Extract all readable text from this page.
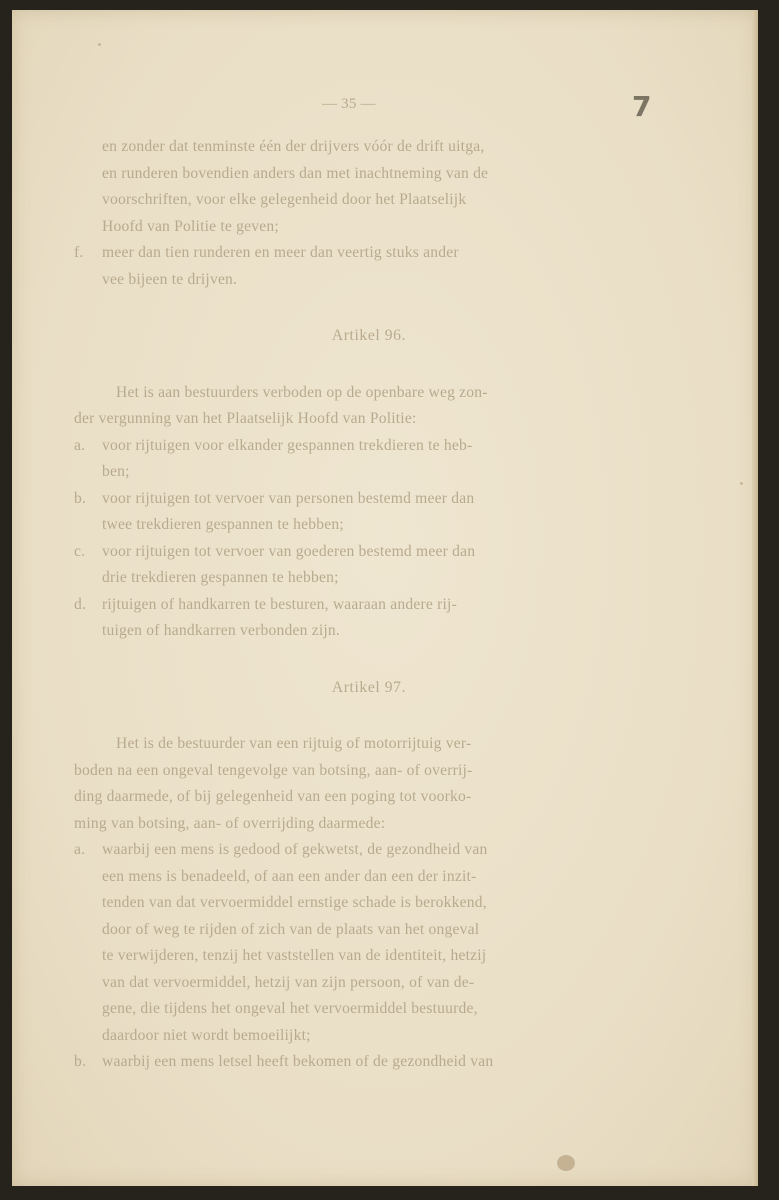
— 35 —	7
en zonder dat tenminste één der drijvers vóór de drift uitga,
en runderen bovendien anders dan met inachtneming van de
voorschriften, voor elke gelegenheid door het Plaatselijk
Hoofd van Politie te geven;
f.	meer dan tien runderen en meer dan veertig stuks ander
vee bijeen te drijven.
Artikel 96.
Het is aan bestuurders verboden op de openbare weg zon-
der vergunning van het Plaatselijk Hoofd van Politie:
a.	voor rijtuigen voor elkander gespannen trekdieren te heb-
ben;
b.	voor rijtuigen tot vervoer van personen bestemd meer dan
twee trekdieren gespannen te hebben;
c.	voor rijtuigen tot vervoer van goederen bestemd meer dan
drie trekdieren gespannen te hebben;
d.	rijtuigen of handkarren te besturen, waaraan andere rij-
tuigen of handkarren verbonden zijn.
Artikel 97.
Het is de bestuurder van een rijtuig of motorrijtuig ver-
boden na een ongeval tengevolge van botsing, aan- of overrij-
ding daarmede, of bij gelegenheid van een poging tot voorko-
ming van botsing, aan- of overrijding daarmede:
a.	waarbij een mens is gedood of gekwetst, de gezondheid van
een mens is benadeeld, of aan een ander dan een der inzit-
tenden van dat vervoermiddel ernstige schade is berokkend,
door of weg te rijden of zich van de plaats van het ongeval
te verwijderen, tenzij het vaststellen van de identiteit, hetzij
van dat vervoermiddel, hetzij van zijn persoon, of van de-
gene, die tijdens het ongeval het vervoermiddel bestuurde,
daardoor niet wordt bemoeilijkt;
b.	waarbij een mens letsel heeft bekomen of de gezondheid van
